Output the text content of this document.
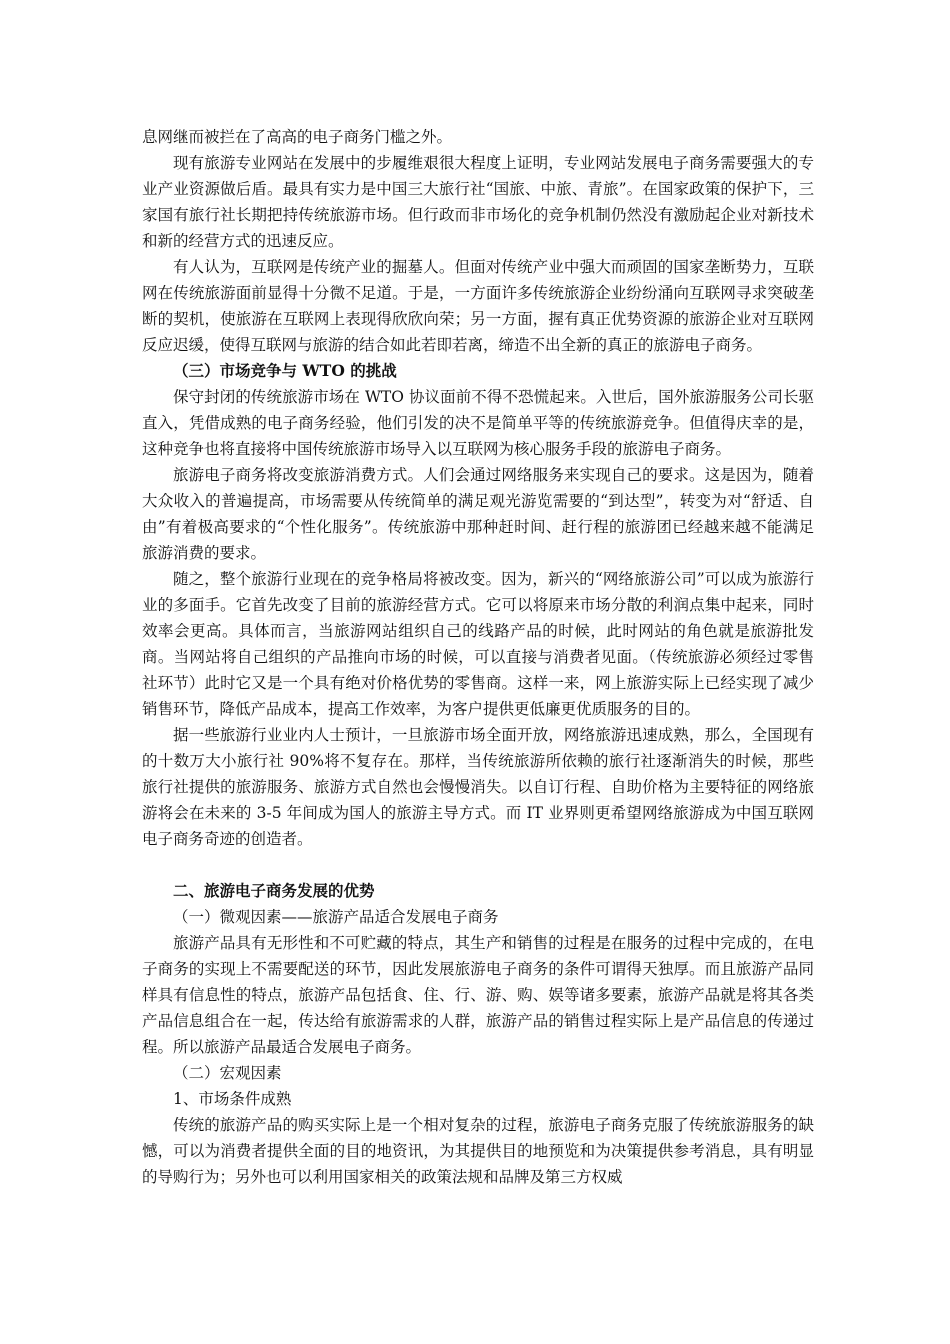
息网继而被拦在了高高的电子商务门槛之外。

现有旅游专业网站在发展中的步履维艰很大程度上证明，专业网站发展电子商务需要强大的专业产业资源做后盾。最具有实力是中国三大旅行社“国旅、中旅、青旅”。在国家政策的保护下，三家国有旅行社长期把持传统旅游市场。但行政而非市场化的竞争机制仍然没有激励起企业对新技术和新的经营方式的迅速反应。

有人认为，互联网是传统产业的掘墓人。但面对传统产业中强大而顽固的国家垄断势力，互联网在传统旅游面前显得十分微不足道。于是，一方面许多传统旅游企业纷纷涌向互联网寻求突破垄断的契机，使旅游在互联网上表现得欣欣向荣；另一方面，握有真正优势资源的旅游企业对互联网反应迟缓，使得互联网与旅游的结合如此若即若离，缔造不出全新的真正的旅游电子商务。

（三）市场竞争与 WTO 的挑战

保守封闭的传统旅游市场在 WTO 协议面前不得不恐慌起来。入世后，国外旅游服务公司长驱直入，凭借成熟的电子商务经验，他们引发的决不是简单平等的传统旅游竞争。但值得庆幸的是，这种竞争也将直接将中国传统旅游市场导入以互联网为核心服务手段的旅游电子商务。

旅游电子商务将改变旅游消费方式。人们会通过网络服务来实现自己的要求。这是因为，随着大众收入的普遍提高，市场需要从传统简单的满足观光游览需要的“到达型”，转变为对“舒适、自由”有着极高要求的“个性化服务”。传统旅游中那种赶时间、赶行程的旅游团已经越来越不能满足旅游消费的要求。

随之，整个旅游行业现在的竞争格局将被改变。因为，新兴的“网络旅游公司”可以成为旅游行业的多面手。它首先改变了目前的旅游经营方式。它可以将原来市场分散的利润点集中起来，同时效率会更高。具体而言，当旅游网站组织自己的线路产品的时候，此时网站的角色就是旅游批发商。当网站将自己组织的产品推向市场的时候，可以直接与消费者见面。（传统旅游必须经过零售社环节）此时它又是一个具有绝对价格优势的零售商。这样一来，网上旅游实际上已经实现了减少销售环节，降低产品成本，提高工作效率，为客户提供更低廉更优质服务的目的。

据一些旅游行业业内人士预计，一旦旅游市场全面开放，网络旅游迅速成熟，那么，全国现有的十数万大小旅行社 90%将不复存在。那样，当传统旅游所依赖的旅行社逐渐消失的时候，那些旅行社提供的旅游服务、旅游方式自然也会慢慢消失。以自订行程、自助价格为主要特征的网络旅游将会在未来的 3-5 年间成为国人的旅游主导方式。而 IT 业界则更希望网络旅游成为中国互联网电子商务奇迹的创造者。

二、旅游电子商务发展的优势

（一）微观因素——旅游产品适合发展电子商务

旅游产品具有无形性和不可贮藏的特点，其生产和销售的过程是在服务的过程中完成的，在电子商务的实现上不需要配送的环节，因此发展旅游电子商务的条件可谓得天独厚。而且旅游产品同样具有信息性的特点，旅游产品包括食、住、行、游、购、娱等诸多要素，旅游产品就是将其各类产品信息组合在一起，传达给有旅游需求的人群，旅游产品的销售过程实际上是产品信息的传递过程。所以旅游产品最适合发展电子商务。

（二）宏观因素

1、市场条件成熟

传统的旅游产品的购买实际上是一个相对复杂的过程，旅游电子商务克服了传统旅游服务的缺憾，可以为消费者提供全面的目的地资讯，为其提供目的地预览和为决策提供参考消息，具有明显的导购行为；另外也可以利用国家相关的政策法规和品牌及第三方权威
